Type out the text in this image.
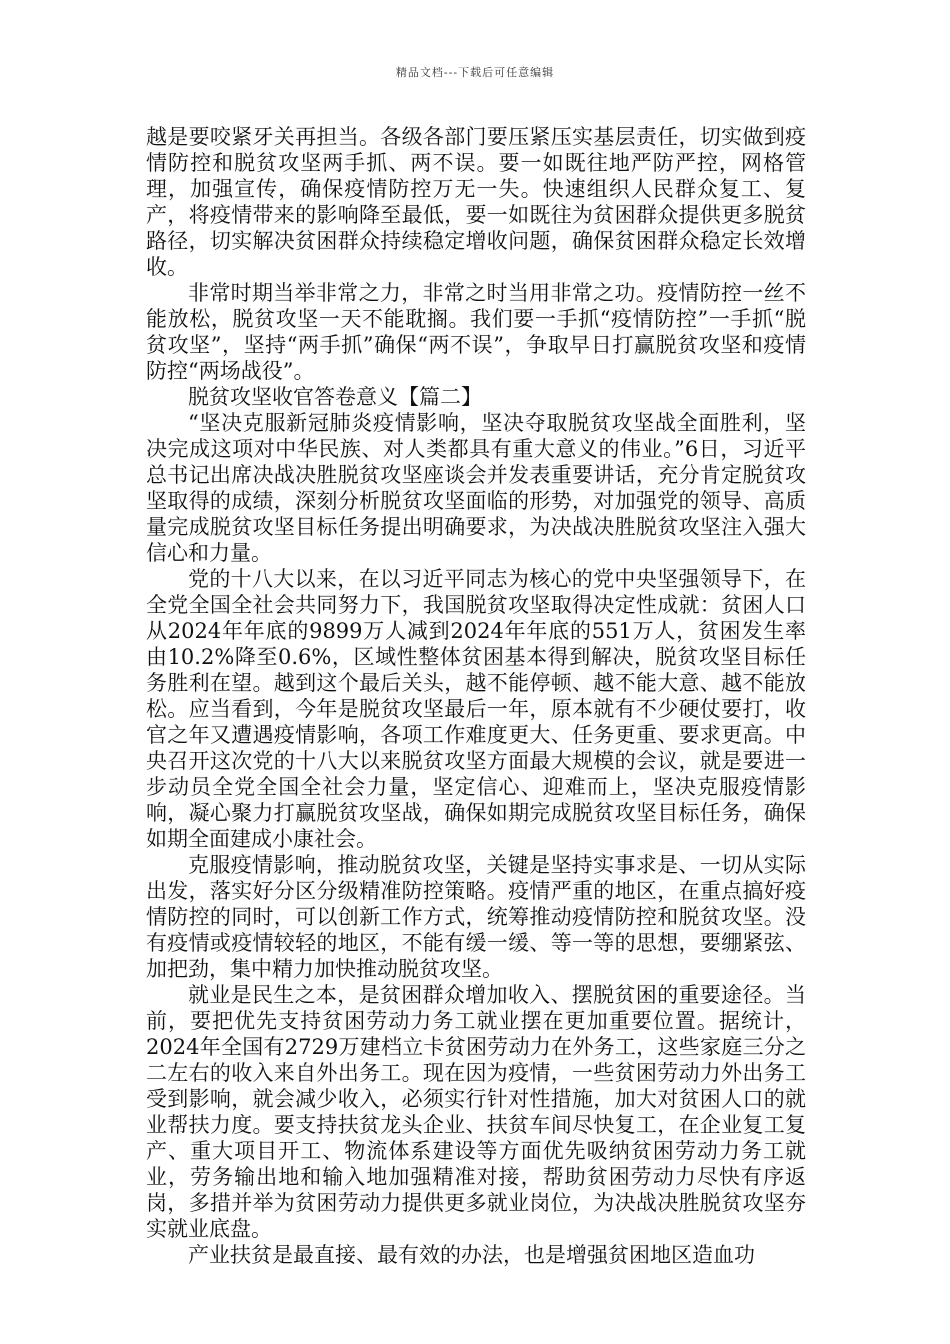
精品文档---下载后可任意编辑

越是要咬紧牙关再担当。各级各部门要压紧压实基层责任，切实做到疫情防控和脱贫攻坚两手抓、两不误。要一如既往地严防严控，网格管理，加强宣传，确保疫情防控万无一失。快速组织人民群众复工、复产，将疫情带来的影响降至最低，要一如既往为贫困群众提供更多脱贫路径，切实解决贫困群众持续稳定增收问题，确保贫困群众稳定长效增收。

非常时期当举非常之力，非常之时当用非常之功。疫情防控一丝不能放松，脱贫攻坚一天不能耽搁。我们要一手抓“疫情防控”一手抓“脱贫攻坚”，坚持“两手抓”确保“两不误”，争取早日打赢脱贫攻坚和疫情防控“两场战役”。

脱贫攻坚收官答卷意义【篇二】

“坚决克服新冠肺炎疫情影响，坚决夺取脱贫攻坚战全面胜利，坚决完成这项对中华民族、对人类都具有重大意义的伟业。”6日，习近平总书记出席决战决胜脱贫攻坚座谈会并发表重要讲话，充分肯定脱贫攻坚取得的成绩，深刻分析脱贫攻坚面临的形势，对加强党的领导、高质量完成脱贫攻坚目标任务提出明确要求，为决战决胜脱贫攻坚注入强大信心和力量。

党的十八大以来，在以习近平同志为核心的党中央坚强领导下，在全党全国全社会共同努力下，我国脱贫攻坚取得决定性成就：贫困人口从2024年年底的9899万人减到2024年年底的551万人，贫困发生率由10.2%降至0.6%，区域性整体贫困基本得到解决，脱贫攻坚目标任务胜利在望。越到这个最后关头，越不能停顿、越不能大意、越不能放松。应当看到，今年是脱贫攻坚最后一年，原本就有不少硬仗要打，收官之年又遭遇疫情影响，各项工作难度更大、任务更重、要求更高。中央召开这次党的十八大以来脱贫攻坚方面最大规模的会议，就是要进一步动员全党全国全社会力量，坚定信心、迎难而上，坚决克服疫情影响，凝心聚力打赢脱贫攻坚战，确保如期完成脱贫攻坚目标任务，确保如期全面建成小康社会。

克服疫情影响，推动脱贫攻坚，关键是坚持实事求是、一切从实际出发，落实好分区分级精准防控策略。疫情严重的地区，在重点搞好疫情防控的同时，可以创新工作方式，统筹推动疫情防控和脱贫攻坚。没有疫情或疫情较轻的地区，不能有缓一缓、等一等的思想，要绷紧弦、加把劲，集中精力加快推动脱贫攻坚。

就业是民生之本，是贫困群众增加收入、摆脱贫困的重要途径。当前，要把优先支持贫困劳动力务工就业摆在更加重要位置。据统计，2024年全国有2729万建档立卡贫困劳动力在外务工，这些家庭三分之二左右的收入来自外出务工。现在因为疫情，一些贫困劳动力外出务工受到影响，就会减少收入，必须实行针对性措施，加大对贫困人口的就业帮扶力度。要支持扶贫龙头企业、扶贫车间尽快复工，在企业复工复产、重大项目开工、物流体系建设等方面优先吸纳贫困劳动力务工就业，劳务输出地和输入地加强精准对接，帮助贫困劳动力尽快有序返岗，多措并举为贫困劳动力提供更多就业岗位，为决战决胜脱贫攻坚夯实就业底盘。

产业扶贫是最直接、最有效的办法，也是增强贫困地区造血功
